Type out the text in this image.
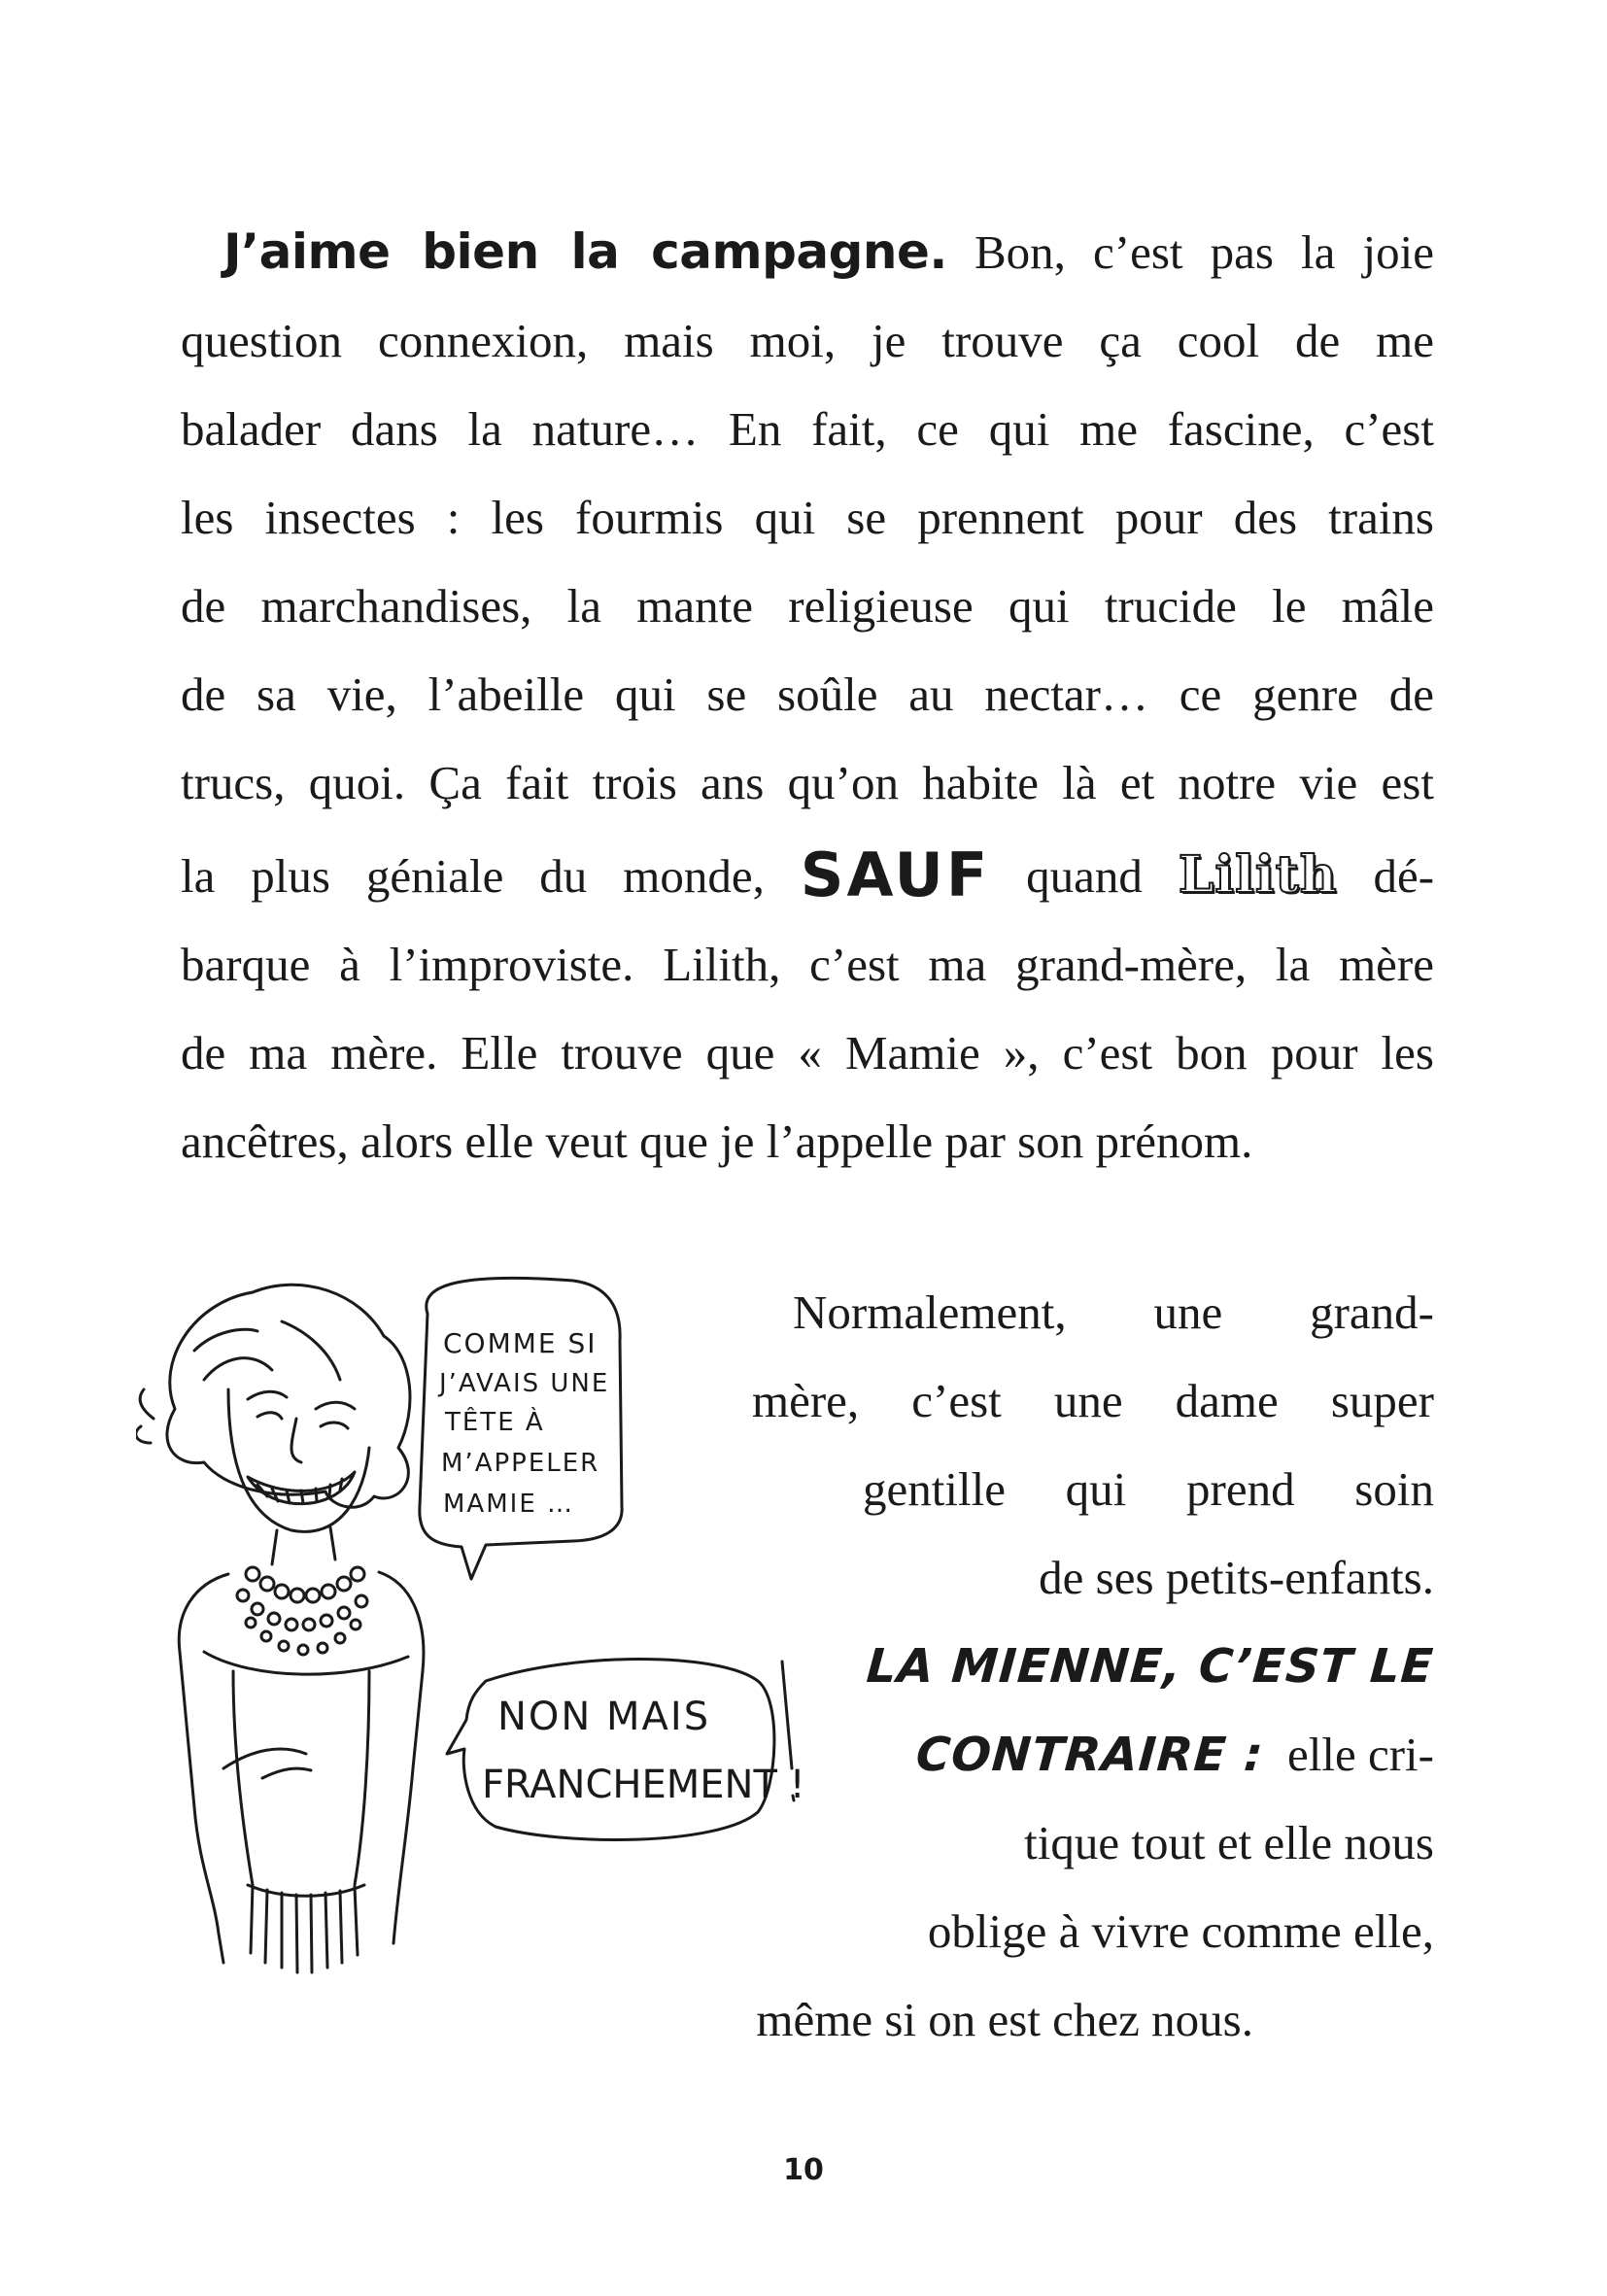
J’aime bien la campagne. Bon, c’est pas la joie
question connexion, mais moi, je trouve ça cool de me
balader dans la nature… En fait, ce qui me fascine, c’est
les insectes : les fourmis qui se prennent pour des trains
de marchandises, la mante religieuse qui trucide le mâle
de sa vie, l’abeille qui se soûle au nectar… ce genre de
trucs, quoi. Ça fait trois ans qu’on habite là et notre vie est
la plus géniale du monde, SAUF quand Lilith dé-
barque à l’improviste. Lilith, c’est ma grand-mère, la mère
de ma mère. Elle trouve que « Mamie », c’est bon pour les
ancêtres, alors elle veut que je l’appelle par son prénom.
Normalement, une grand-
mère, c’est une dame super
gentille qui prend soin
de ses petits-enfants.
LA MIENNE, C’EST LE
CONTRAIRE : elle cri-
tique tout et elle nous
oblige à vivre comme elle,
même si on est chez nous.
COMME SI
J’AVAIS UNE
TÊTE À
M’APPELER
MAMIE …
NON MAIS
FRANCHEMENT !
10
